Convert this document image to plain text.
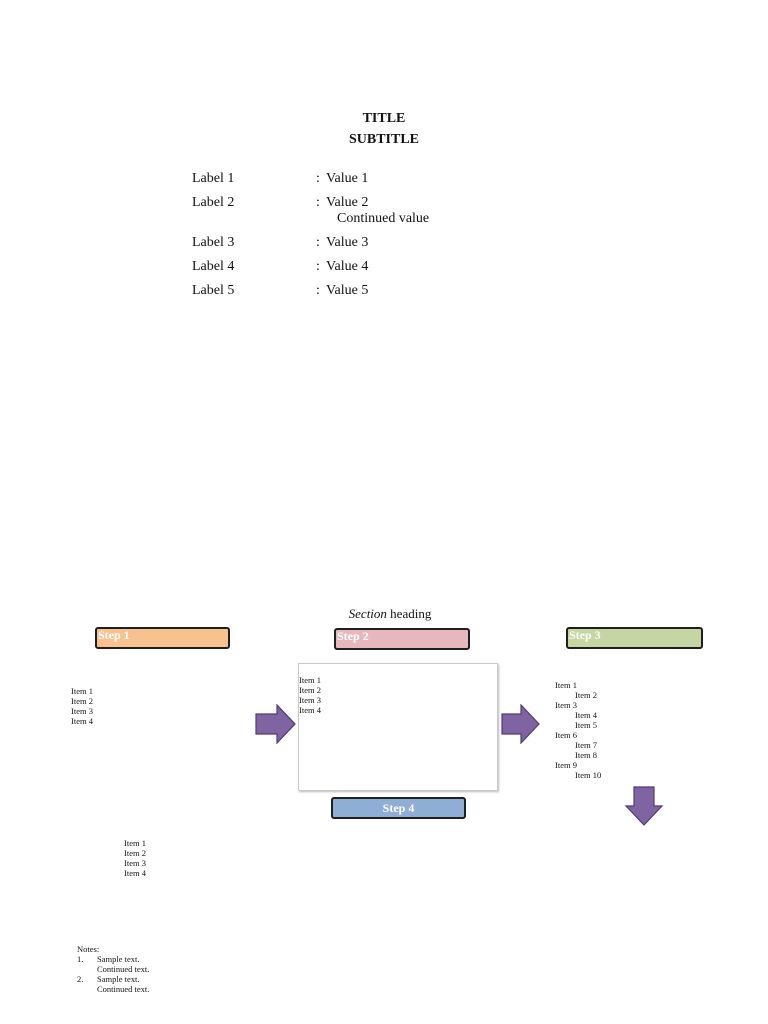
TITLE
SUBTITLE
Label 1	: Value 1
Label 2	: Value 2
Continued value
Label 3	: Value 3
Label 4	: Value 4
Label 5	: Value 5
Section heading
Step 1	Step 2	Step 3
Item 1
Item 2
Item 3
Item 4
Item 1
Item 2
Item 3
Item 4
Item 1
Item 2
Item 3
Item 4
Item 5
Item 6
Item 7
Item 8
Item 9
Item 10
Step 4
Item 1
Item 2
Item 3
Item 4
Notes:
1.	Sample text.
Continued text.
2.	Sample text.
Continued text.
